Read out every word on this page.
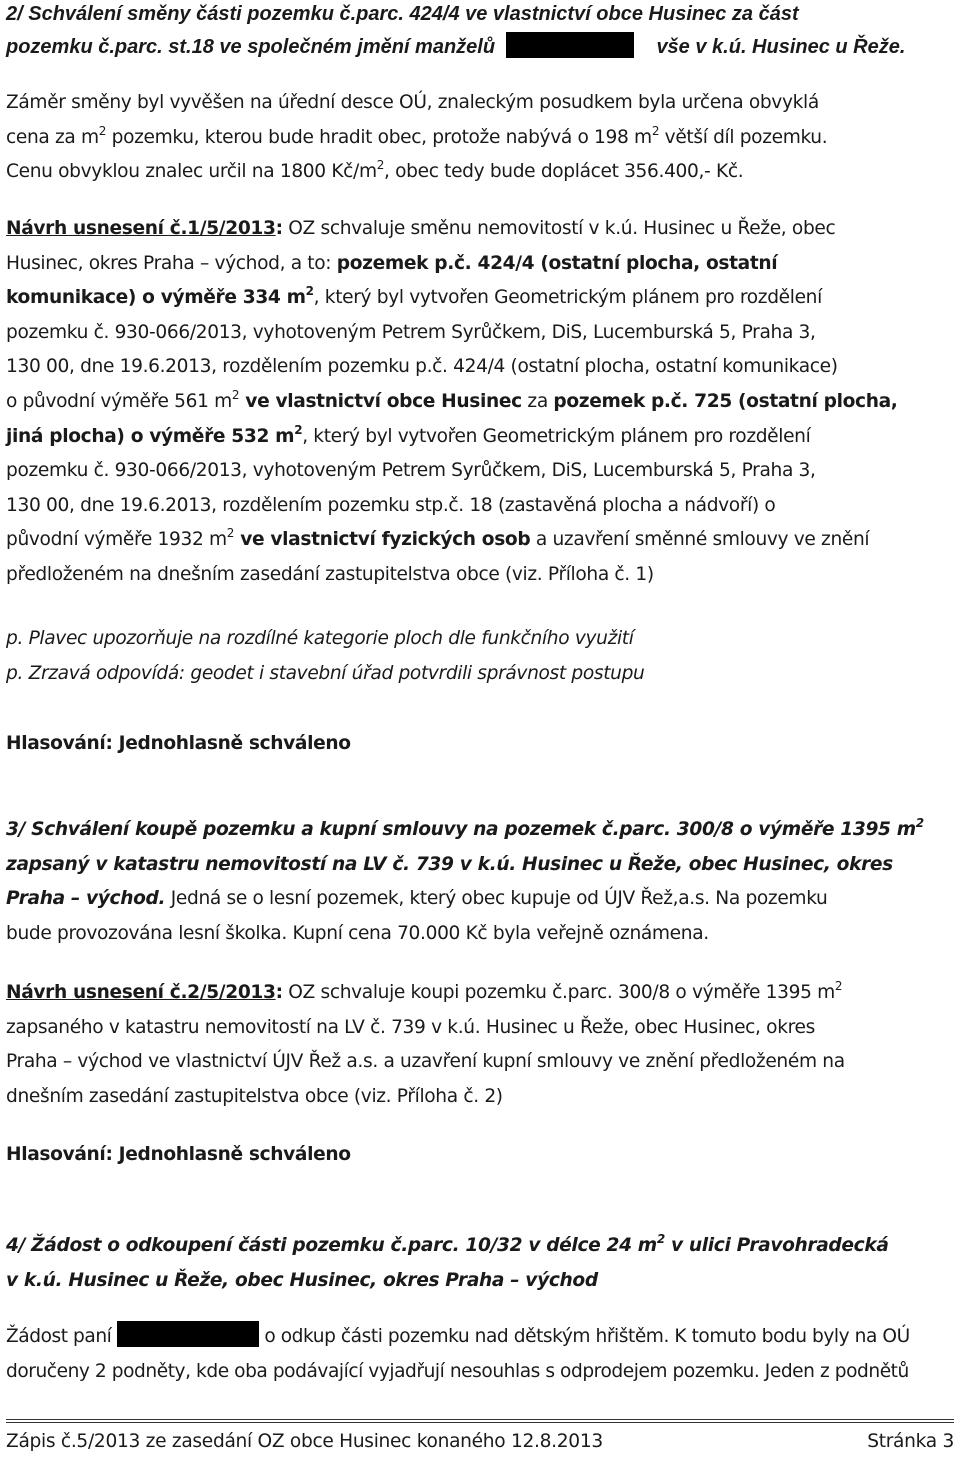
2/ Schválení směny části pozemku č.parc. 424/4 ve vlastnictví obce Husinec za část

pozemku č.parc. st.18 ve společném jmění manželů	vše v k.ú. Husinec u Řeže.

Záměr směny byl vyvěšen na úřední desce OÚ, znaleckým posudkem byla určena obvyklá

cena za $m^2$ pozemku, kterou bude hradit obec, protože nabývá o 198 $m^2$ větší díl pozemku.

Cenu obvyklou znalec určil na 1800 $Kč/m^2$, obec tedy bude doplácet 356.400,- Kč.

Návrh usnesení č.1/5/2013: OZ schvaluje směnu nemovitostí v k.ú. Husinec u Řeže, obec

Husinec, okres Praha – východ, a to: pozemek p.č. 424/4 (ostatní plocha, ostatní

komunikace) o výměře 334 $m^2$, který byl vytvořen Geometrickým plánem pro rozdělení

pozemku č. 930-066/2013, vyhotoveným Petrem Syrůčkem, DiS, Lucemburská 5, Praha 3,

130 00, dne 19.6.2013, rozdělením pozemku p.č. 424/4 (ostatní plocha, ostatní komunikace)

o původní výměře 561 $m^2$ ve vlastnictví obce Husinec za pozemek p.č. 725 (ostatní plocha,

jiná plocha) o výměře 532 $m^2$, který byl vytvořen Geometrickým plánem pro rozdělení

pozemku č. 930-066/2013, vyhotoveným Petrem Syrůčkem, DiS, Lucemburská 5, Praha 3,

130 00, dne 19.6.2013, rozdělením pozemku stp.č. 18 (zastavěná plocha a nádvoří) o

původní výměře 1932 $m^2$ ve vlastnictví fyzických osob a uzavření směnné smlouvy ve znění

předloženém na dnešním zasedání zastupitelstva obce (viz. Příloha č. 1)

p. Plavec upozorňuje na rozdílné kategorie ploch dle funkčního využití

p. Zrzavá odpovídá: geodet i stavební úřad potvrdili správnost postupu

Hlasování: Jednohlasně schváleno

3/ Schválení koupě pozemku a kupní smlouvy na pozemek č.parc. 300/8 o výměře 1395 $m^2$

zapsaný v katastru nemovitostí na LV č. 739 v k.ú. Husinec u Řeže, obec Husinec, okres

Praha – východ. Jedná se o lesní pozemek, který obec kupuje od ÚJV Řež,a.s. Na pozemku

bude provozována lesní školka. Kupní cena 70.000 Kč byla veřejně oznámena.

Návrh usnesení č.2/5/2013: OZ schvaluje koupi pozemku č.parc. 300/8 o výměře 1395 $m^2$

zapsaného v katastru nemovitostí na LV č. 739 v k.ú. Husinec u Řeže, obec Husinec, okres

Praha – východ ve vlastnictví ÚJV Řež a.s. a uzavření kupní smlouvy ve znění předloženém na

dnešním zasedání zastupitelstva obce (viz. Příloha č. 2)

Hlasování: Jednohlasně schváleno

4/ Žádost o odkoupení části pozemku č.parc. 10/32 v délce 24 $m^2$ v ulici Pravohradecká

v k.ú. Husinec u Řeže, obec Husinec, okres Praha – východ

Žádost paní	o odkup části pozemku nad dětským hřištěm. K tomuto bodu byly na OÚ

doručeny 2 podněty, kde oba podávající vyjadřují nesouhlas s odprodejem pozemku. Jeden z podnětů

Zápis č.5/2013 ze zasedání OZ obce Husinec konaného 12.8.2013	Stránka 3
